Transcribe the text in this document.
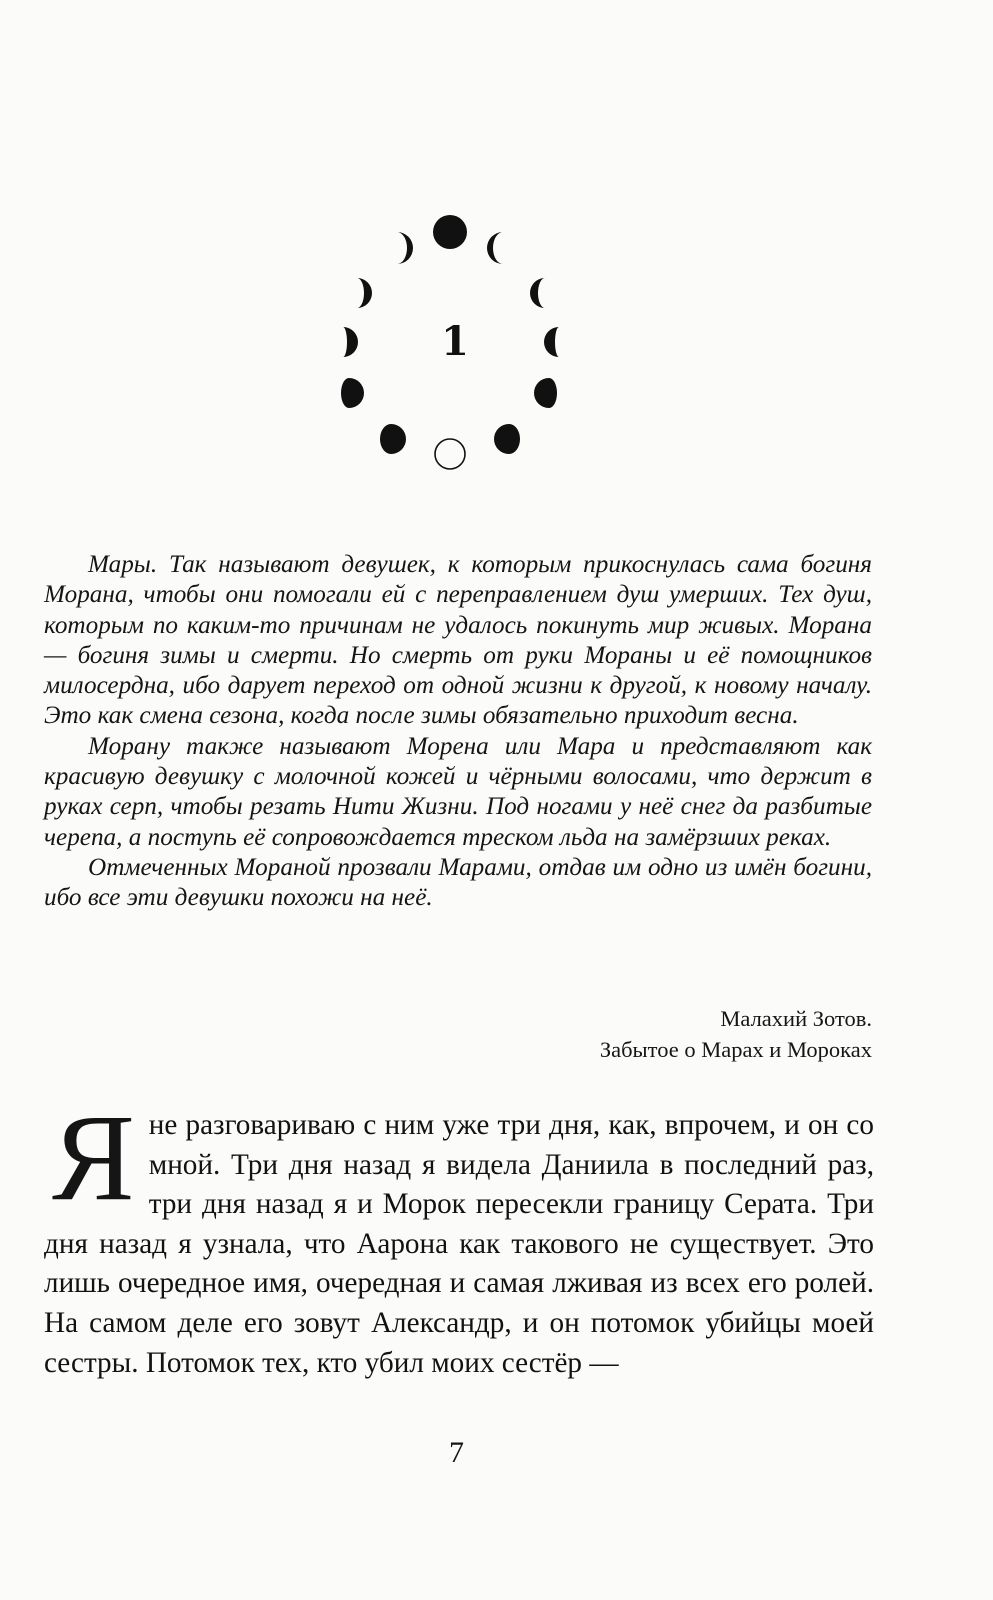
1

Мары. Так называют девушек, к которым прикоснулась сама богиня Морана, чтобы они помогали ей с переправлением душ умерших. Тех душ, которым по каким-то причинам не удалось покинуть мир живых. Морана — богиня зимы и смерти. Но смерть от руки Мораны и её помощников милосердна, ибо дарует переход от одной жизни к другой, к новому началу. Это как смена сезона, когда после зимы обязательно приходит весна.

Морану также называют Морена или Мара и представляют как красивую девушку с молочной кожей и чёрными волосами, что держит в руках серп, чтобы резать Нити Жизни. Под ногами у неё снег да разбитые черепа, а поступь её сопровождается треском льда на замёрзших реках.

Отмеченных Мораной прозвали Марами, отдав им одно из имён богини, ибо все эти девушки похожи на неё.

Малахий Зотов.
Забытое о Марах и Мороках

Яне разговариваю с ним уже три дня, как, впрочем, и он со мной. Три дня назад я видела Даниила в последний раз, три дня назад я и Морок пересекли границу Серата. Три дня назад я узнала, что Аарона как такового не существует. Это лишь очередное имя, очередная и самая лживая из всех его ролей. На самом деле его зовут Александр, и он потомок убийцы моей сестры. Потомок тех, кто убил моих сестёр —

7
